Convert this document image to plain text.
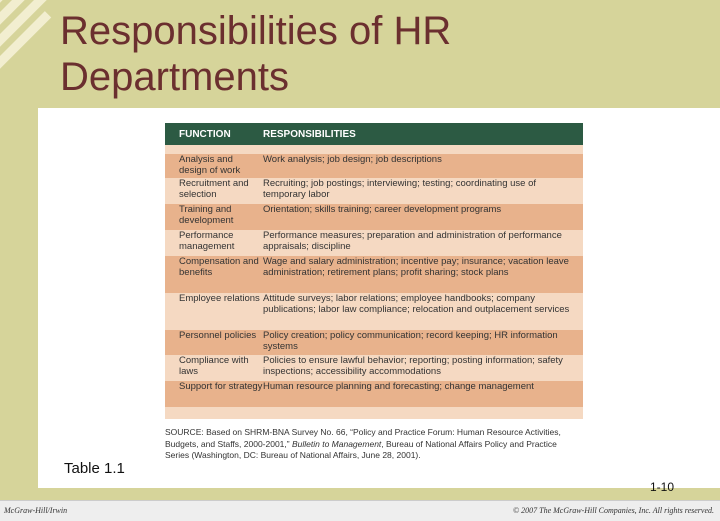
Responsibilities of HR Departments
FUNCTION	RESPONSIBILITIES
Analysis and design of work
Work analysis; job design; job descriptions
Recruitment and selection
Recruiting; job postings; interviewing; testing; coordinating use of temporary labor
Training and development
Orientation; skills training; career development programs
Performance management
Performance measures; preparation and administration of performance appraisals; discipline
Compensation and benefits
Wage and salary administration; incentive pay; insurance; vacation leave administration; retirement plans; profit sharing; stock plans
Employee relations Attitude surveys; labor relations; employee handbooks; company publications; labor law compliance; relocation and outplacement services
Personnel policies Policy creation; policy communication; record keeping; HR information systems
Compliance with laws
Policies to ensure lawful behavior; reporting; posting information; safety inspections; accessibility accommodations
Support for strategy Human resource planning and forecasting; change management
SOURCE: Based on SHRM-BNA Survey No. 66, “Policy and Practice Forum: Human Resource Activities, Budgets, and Staffs, 2000-2001,” Bulletin to Management, Bureau of National Affairs Policy and Practice Series (Washington, DC: Bureau of National Affairs, June 28, 2001).
Table 1.1
1-10
McGraw-Hill/Irwin	© 2007 The McGraw-Hill Companies, Inc. All rights reserved.
